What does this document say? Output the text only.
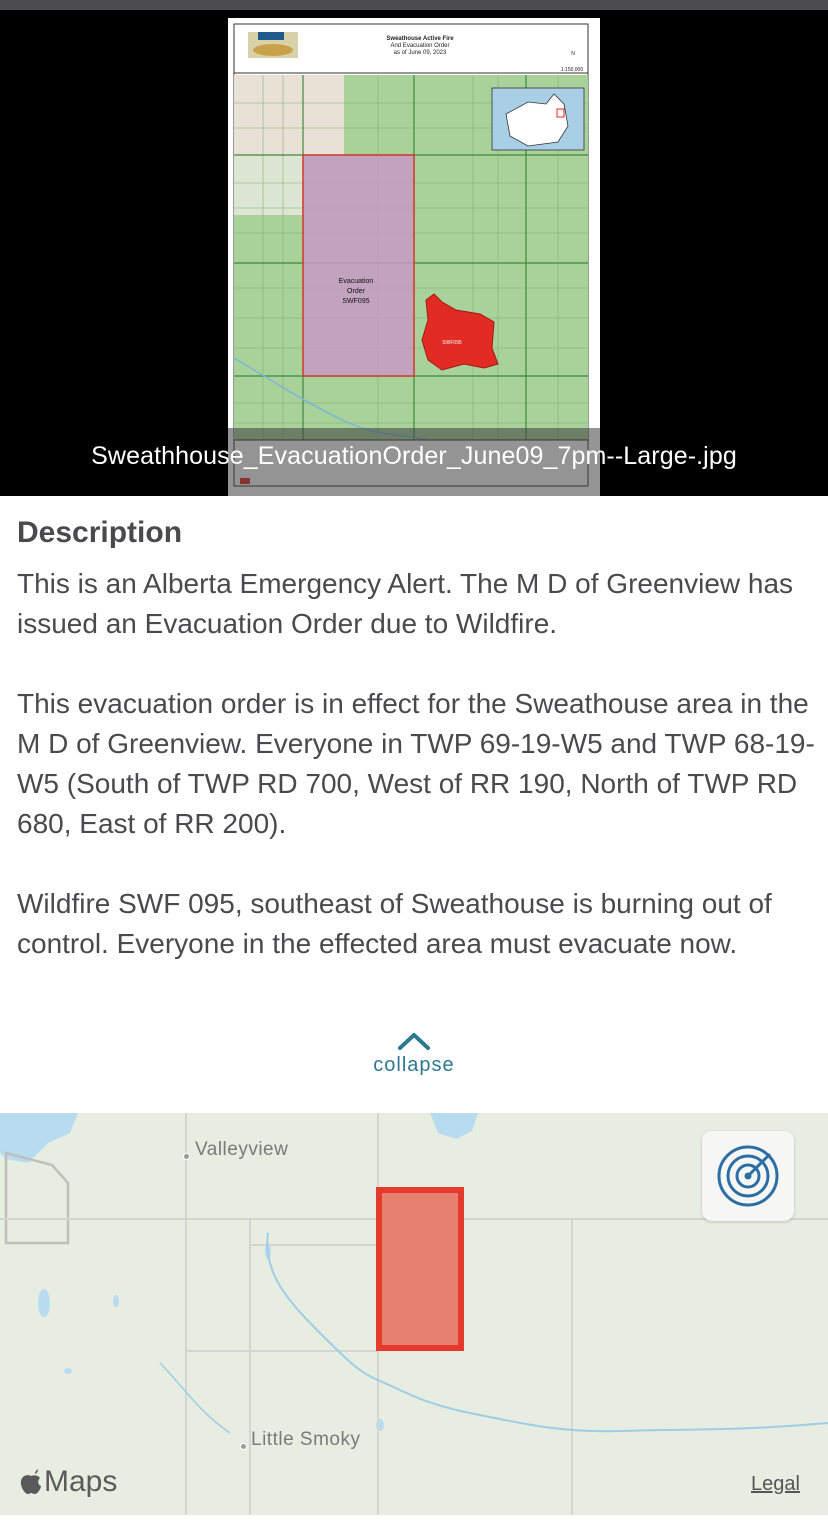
Sweathouse Active Fire
And Evacuation Order
as of June 09, 2023	N
1:150,000
Evacuation
Order
SWF095
SWF095
Sweathhouse_EvacuationOrder_June09_7pm--Large-.jpg
Description

This is an Alberta Emergency Alert. The M D of Greenview has issued an Evacuation Order due to Wildfire.

This evacuation order is in effect for the Sweathouse area in the M D of Greenview. Everyone in TWP 69-19-W5 and TWP 68-19-W5 (South of TWP RD 700, West of RR 190, North of TWP RD 680, East of RR 200).

Wildfire SWF 095, southeast of Sweathouse is burning out of control. Everyone in the effected area must evacuate now.

collapse
Valleyview
Little Smoky
Maps	Legal
